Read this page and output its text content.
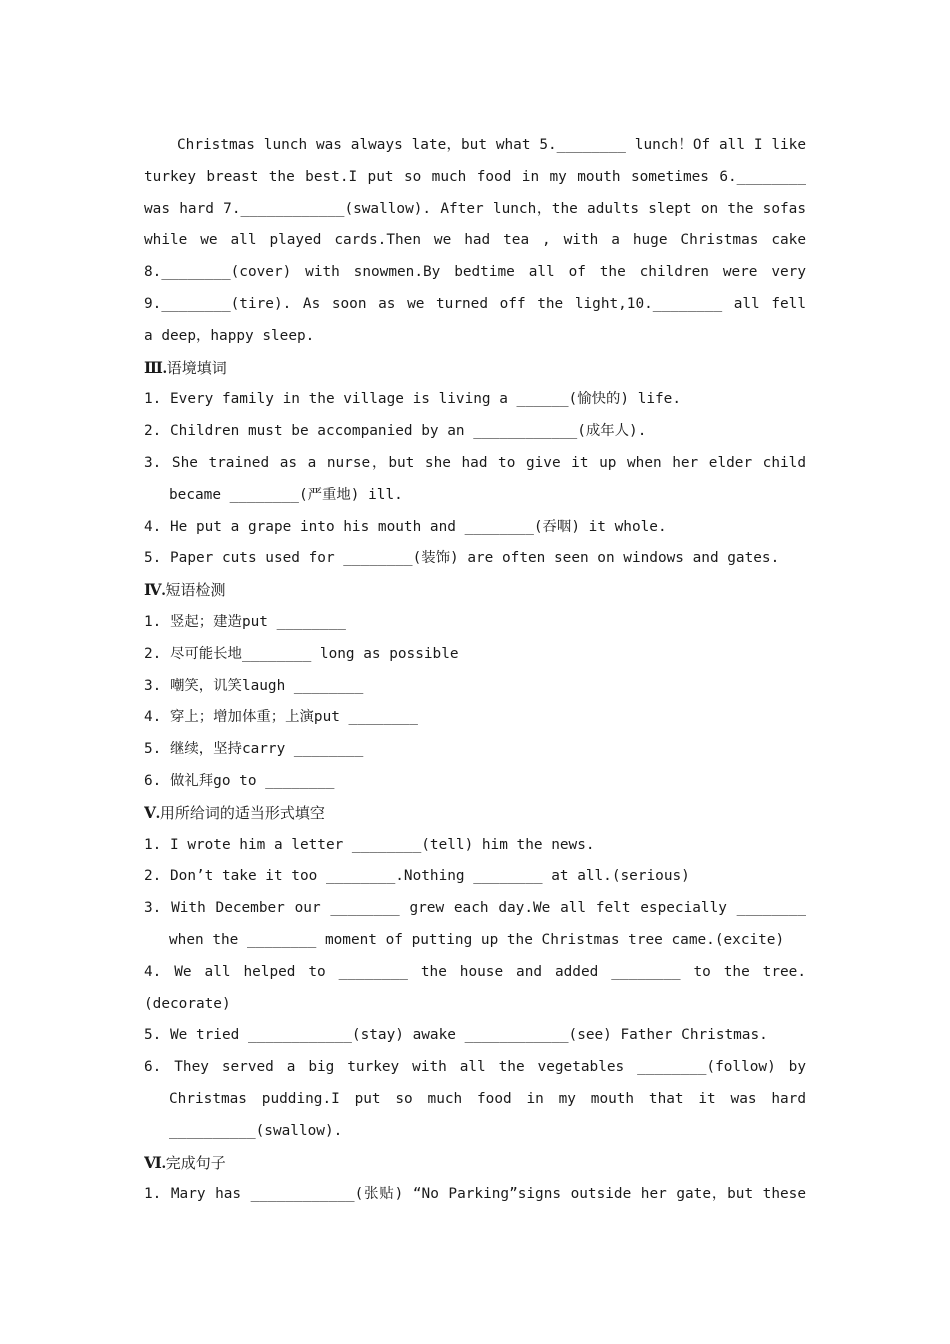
Christmas lunch was always late，but what 5.________ lunch！Of all I like
turkey breast the best.I put so much food in my mouth sometimes 6.________
was hard 7.____________(swallow). After lunch，the adults slept on the sofas
while we all played cards.Then we had tea , with a huge Christmas cake
8.________(cover) with snowmen.By bedtime all of the children were very
9.________(tire). As soon as we turned off the light,10.________ all fell
a deep，happy sleep.
Ⅲ.语境填词
1. Every family in the village is living a ______(愉快的) life.
2. Children must be accompanied by an ____________(成年人).
3. She trained as a nurse，but she had to give it up when her elder child
became ________(严重地) ill.
4. He put a grape into his mouth and ________(吞咽) it whole.
5. Paper cuts used for ________(装饰) are often seen on windows and gates.
Ⅳ.短语检测
1. 竖起；建造put ________
2. 尽可能长地________ long as possible
3. 嘲笑，讥笑laugh ________
4. 穿上；增加体重；上演put ________
5. 继续，坚持carry ________
6. 做礼拜go to ________
Ⅴ.用所给词的适当形式填空
1. I wrote him a letter ________(tell) him the news.
2. Don’t take it too ________.Nothing ________ at all.(serious)
3. With December our ________ grew each day.We all felt especially ________
when the ________ moment of putting up the Christmas tree came.(excite)
4. We all helped to ________ the house and added ________ to the tree.
(decorate)
5. We tried ____________(stay) awake ____________(see) Father Christmas.
6. They served a big turkey with all the vegetables ________(follow) by
Christmas pudding.I put so much food in my mouth that it was hard
__________(swallow).
Ⅵ.完成句子
1. Mary has ____________(张贴) “No Parking”signs outside her gate，but these
